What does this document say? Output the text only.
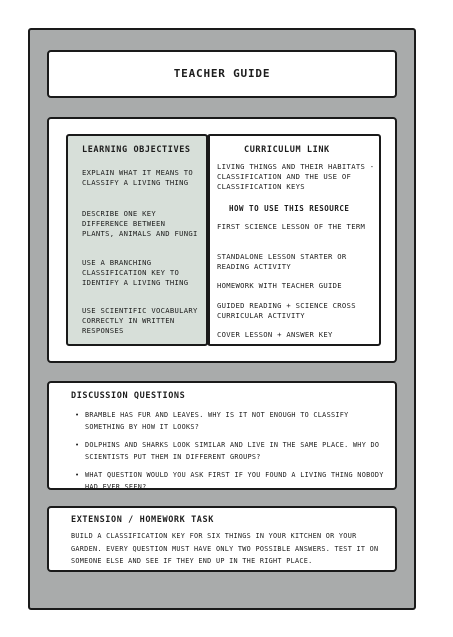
TEACHER GUIDE
LEARNING OBJECTIVES
EXPLAIN WHAT IT MEANS TO CLASSIFY A LIVING THING
DESCRIBE ONE KEY DIFFERENCE BETWEEN PLANTS, ANIMALS AND FUNGI
USE A BRANCHING CLASSIFICATION KEY TO IDENTIFY A LIVING THING
USE SCIENTIFIC VOCABULARY CORRECTLY IN WRITTEN RESPONSES
CURRICULUM LINK
LIVING THINGS AND THEIR HABITATS - CLASSIFICATION AND THE USE OF CLASSIFICATION KEYS
HOW TO USE THIS RESOURCE
FIRST SCIENCE LESSON OF THE TERM
STANDALONE LESSON STARTER OR READING ACTIVITY
HOMEWORK WITH TEACHER GUIDE
GUIDED READING + SCIENCE CROSS CURRICULAR ACTIVITY
COVER LESSON + ANSWER KEY
DISCUSSION QUESTIONS
• BRAMBLE HAS FUR AND LEAVES. WHY IS IT NOT ENOUGH TO CLASSIFY SOMETHING BY HOW IT LOOKS?
• DOLPHINS AND SHARKS LOOK SIMILAR AND LIVE IN THE SAME PLACE. WHY DO SCIENTISTS PUT THEM IN DIFFERENT GROUPS?
• WHAT QUESTION WOULD YOU ASK FIRST IF YOU FOUND A LIVING THING NOBODY HAD EVER SEEN?
EXTENSION / HOMEWORK TASK
BUILD A CLASSIFICATION KEY FOR SIX THINGS IN YOUR KITCHEN OR YOUR GARDEN. EVERY QUESTION MUST HAVE ONLY TWO POSSIBLE ANSWERS. TEST IT ON SOMEONE ELSE AND SEE IF THEY END UP IN THE RIGHT PLACE.
